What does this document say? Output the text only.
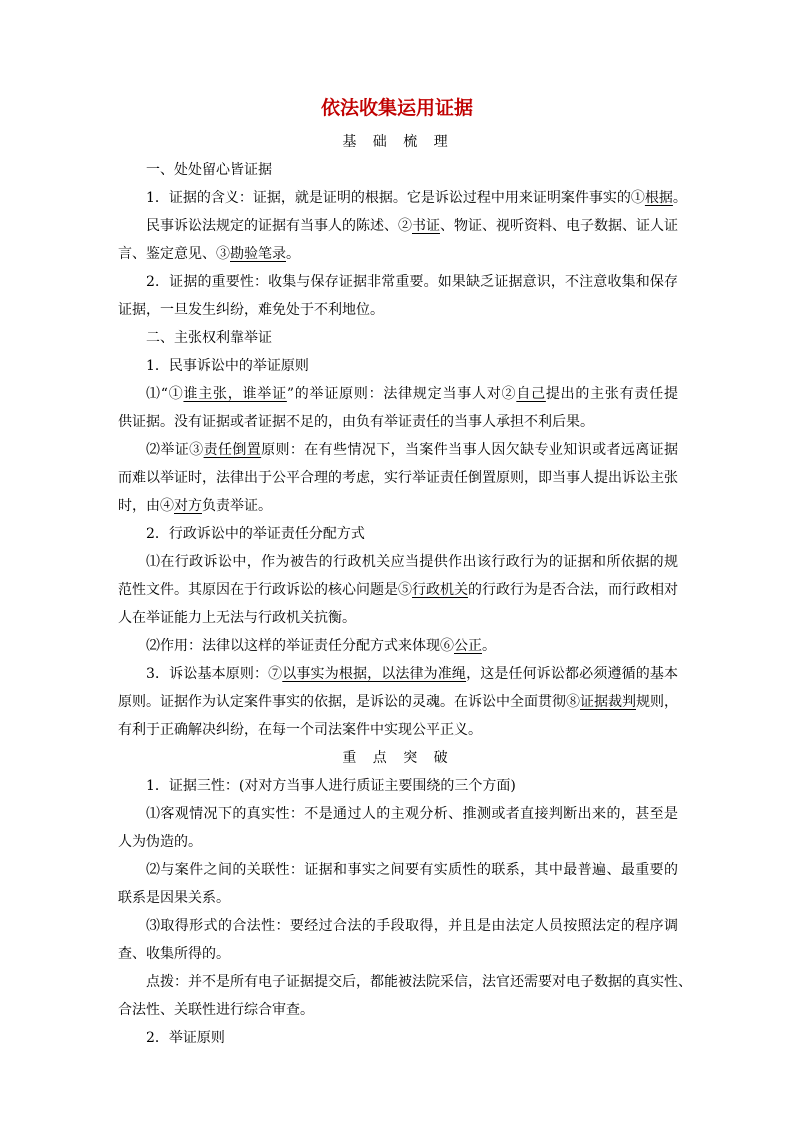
依法收集运用证据
基 础 梳 理
一、处处留心皆证据
1．证据的含义：证据，就是证明的根据。它是诉讼过程中用来证明案件事实的①根据。
民事诉讼法规定的证据有当事人的陈述、②书证、物证、视听资料、电子数据、证人证
言、鉴定意见、③勘验笔录。
2．证据的重要性：收集与保存证据非常重要。如果缺乏证据意识，不注意收集和保存
证据，一旦发生纠纷，难免处于不利地位。
二、主张权利靠举证
1．民事诉讼中的举证原则
⑴“①谁主张，谁举证”的举证原则：法律规定当事人对②自己提出的主张有责任提
供证据。没有证据或者证据不足的，由负有举证责任的当事人承担不利后果。
⑵举证③责任倒置原则：在有些情况下，当案件当事人因欠缺专业知识或者远离证据
而难以举证时，法律出于公平合理的考虑，实行举证责任倒置原则，即当事人提出诉讼主张
时，由④对方负责举证。
2．行政诉讼中的举证责任分配方式
⑴在行政诉讼中，作为被告的行政机关应当提供作出该行政行为的证据和所依据的规
范性文件。其原因在于行政诉讼的核心问题是⑤行政机关的行政行为是否合法，而行政相对
人在举证能力上无法与行政机关抗衡。
⑵作用：法律以这样的举证责任分配方式来体现⑥公正。
3．诉讼基本原则：⑦以事实为根据，以法律为准绳，这是任何诉讼都必须遵循的基本
原则。证据作为认定案件事实的依据，是诉讼的灵魂。在诉讼中全面贯彻⑧证据裁判规则，
有利于正确解决纠纷，在每一个司法案件中实现公平正义。
重 点 突 破
1．证据三性：(对对方当事人进行质证主要围绕的三个方面)
⑴客观情况下的真实性：不是通过人的主观分析、推测或者直接判断出来的，甚至是
人为伪造的。
⑵与案件之间的关联性：证据和事实之间要有实质性的联系，其中最普遍、最重要的
联系是因果关系。
⑶取得形式的合法性：要经过合法的手段取得，并且是由法定人员按照法定的程序调
查、收集所得的。
点拨：并不是所有电子证据提交后，都能被法院采信，法官还需要对电子数据的真实性、
合法性、关联性进行综合审查。
2．举证原则
